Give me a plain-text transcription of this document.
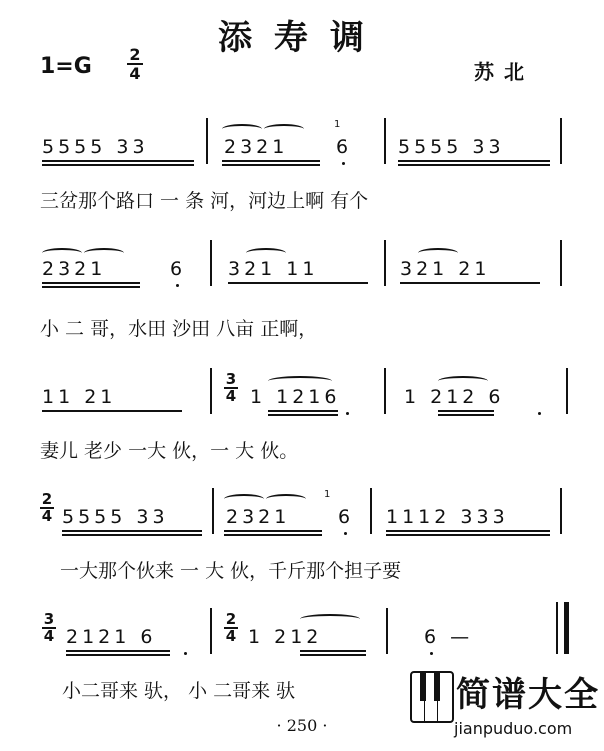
添寿调
1=G 2
4	苏北
5555 33	2321
1
6 5555 33
三岔那个路口 一 条 河，河边上啊 有个
2321	6 321 11	321 21
小 二 哥，水田 沙田 八亩 正啊，
11 21
3
4 1 1216	1 212 6
妻儿 老少 一大 伙，一 大 伙。
2
4 5555 33	2321
1
6 1112 333
一大那个伙来 一 大 伙，千斤那个担子要
3
4 2121 6
2
4 1 212	6 —
小二哥来 驮， 小 二哥来 驮
· 250 ·
简谱大全
jianpuduo.com
